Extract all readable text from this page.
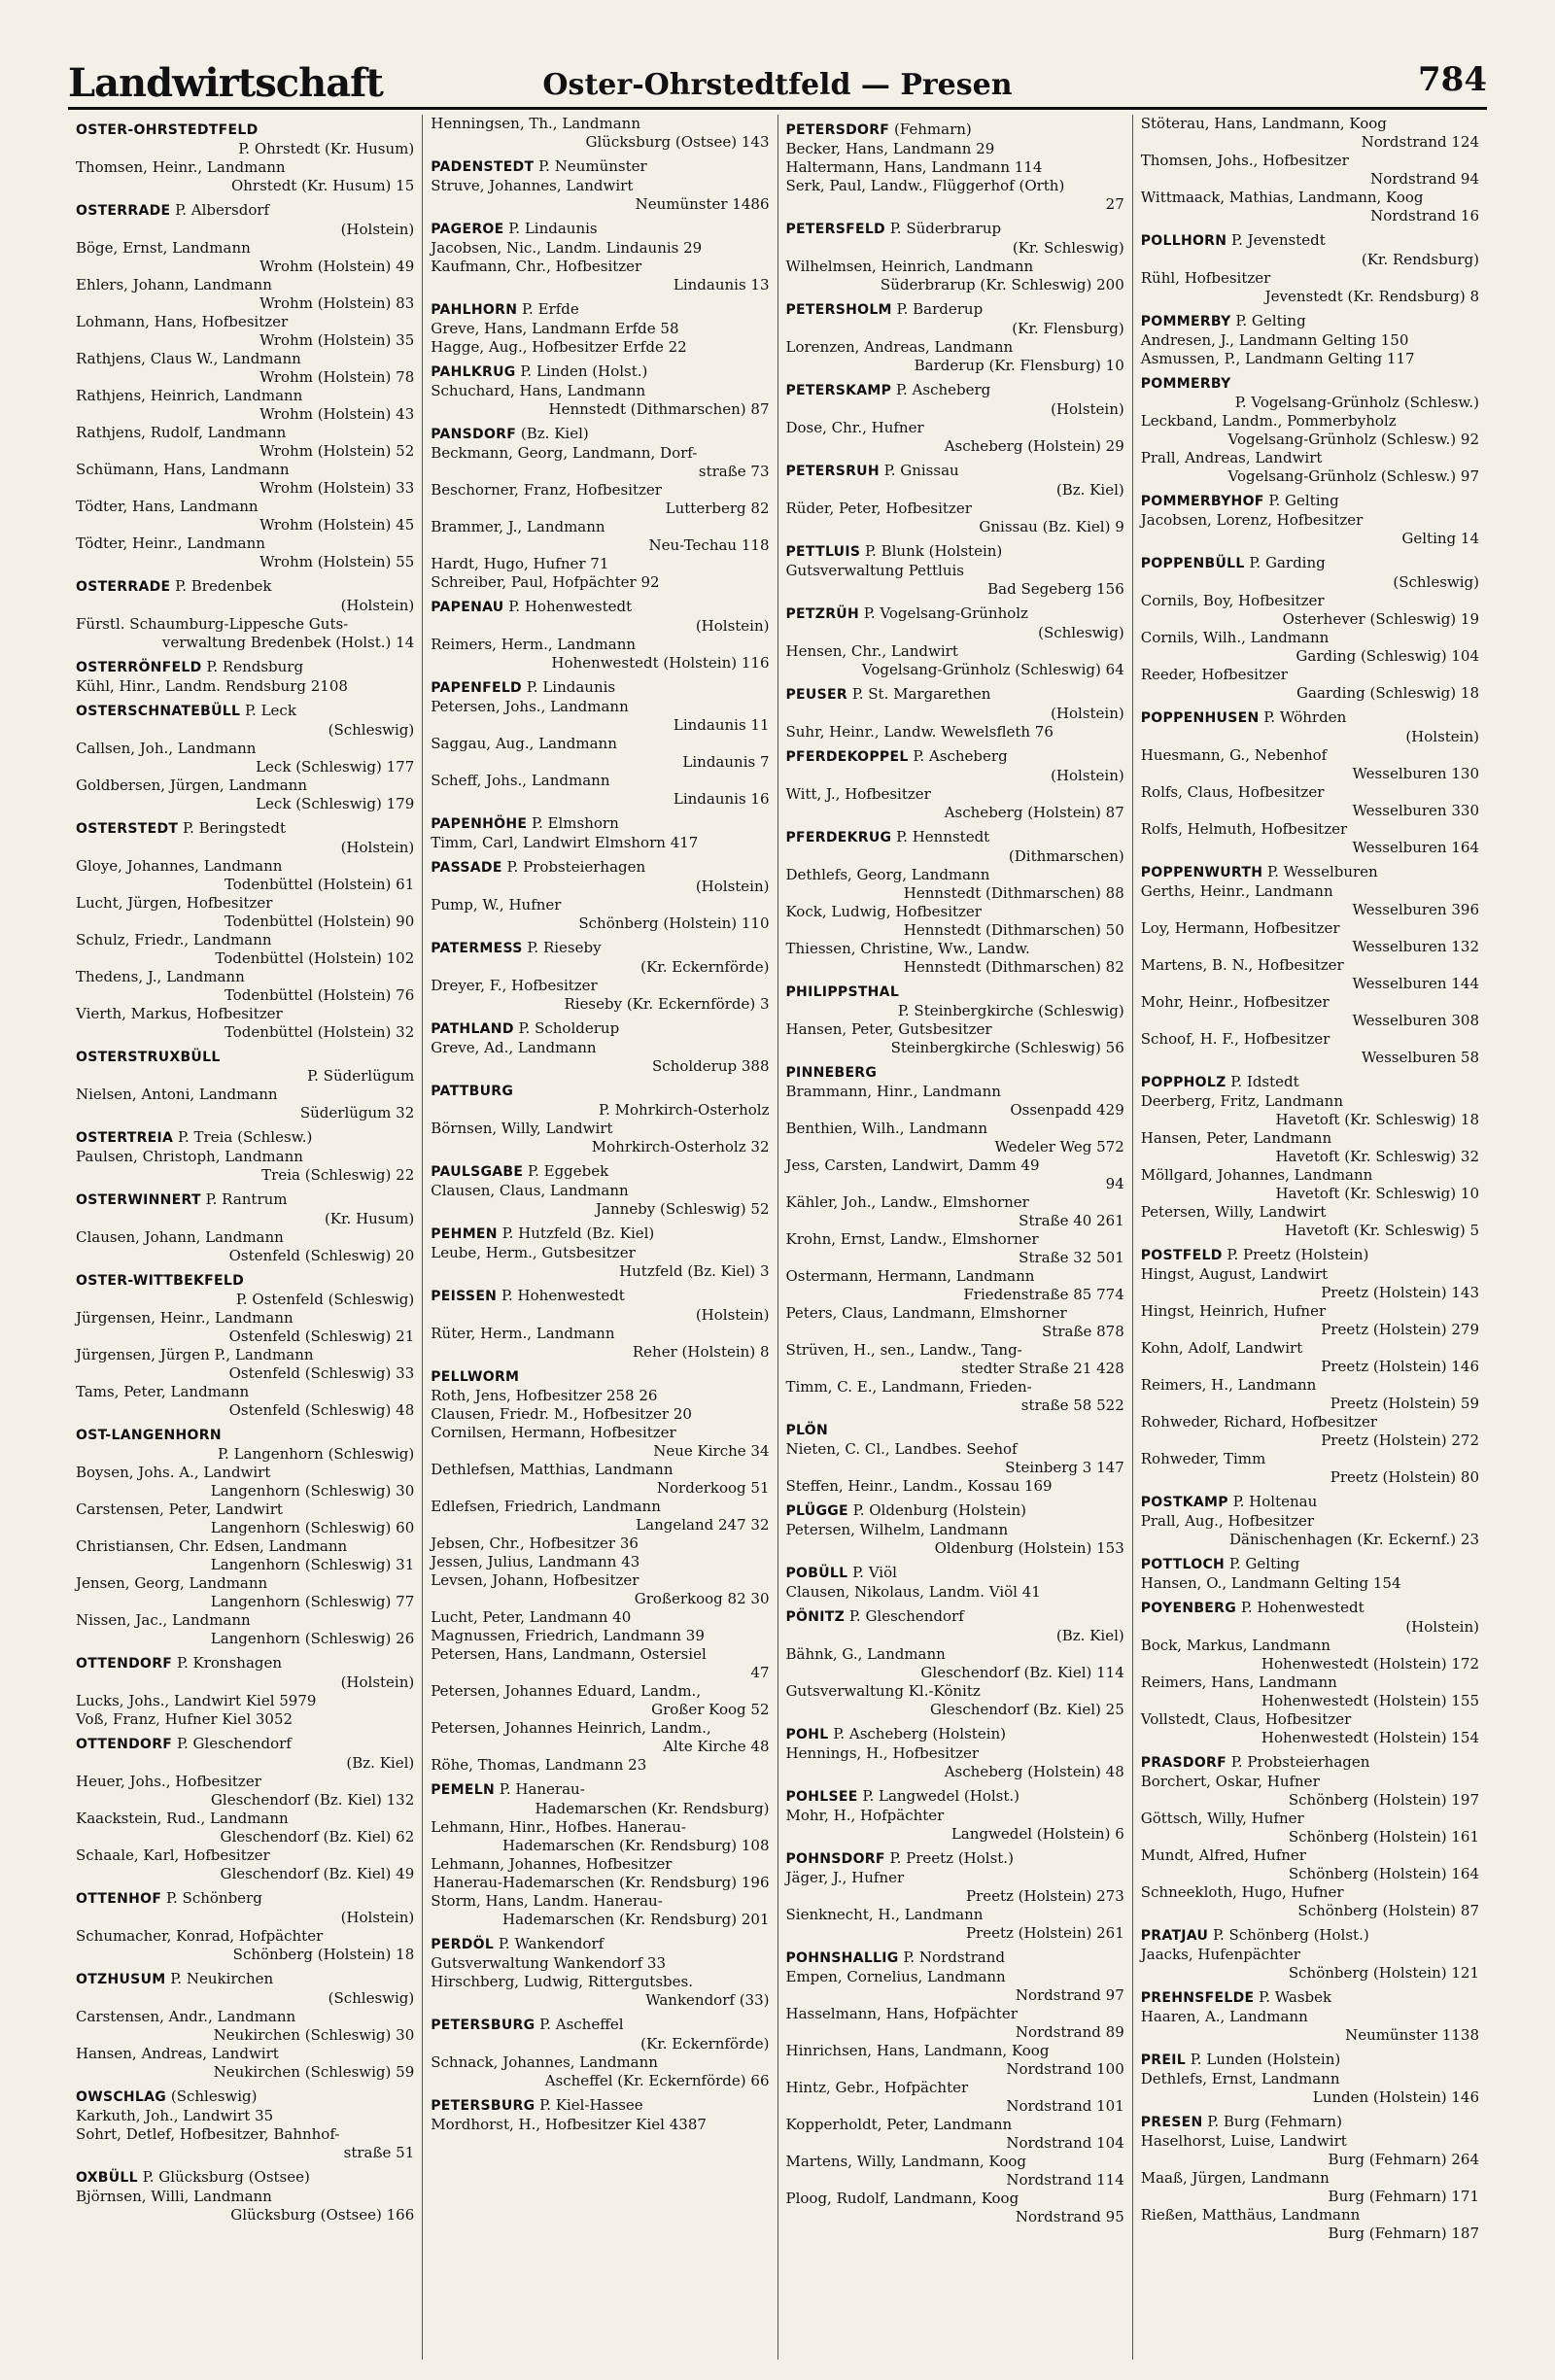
Landwirtschaft	Oster-Ohrstedtfeld — Presen	784
OSTER-OHRSTEDTFELD
P. Ohrstedt (Kr. Husum)
Thomsen, Heinr., Landmann
Ohrstedt (Kr. Husum) 15
OSTERRADE P. Albersdorf
(Holstein)
Böge, Ernst, Landmann
Wrohm (Holstein) 49
Ehlers, Johann, Landmann
Wrohm (Holstein) 83
Lohmann, Hans, Hofbesitzer
Wrohm (Holstein) 35
Rathjens, Claus W., Landmann
Wrohm (Holstein) 78
Rathjens, Heinrich, Landmann
Wrohm (Holstein) 43
Rathjens, Rudolf, Landmann
Wrohm (Holstein) 52
Schümann, Hans, Landmann
Wrohm (Holstein) 33
Tödter, Hans, Landmann
Wrohm (Holstein) 45
Tödter, Heinr., Landmann
Wrohm (Holstein) 55
OSTERRADE P. Bredenbek
(Holstein)
Fürstl. Schaumburg-Lippesche Guts-
verwaltung Bredenbek (Holst.) 14
OSTERRÖNFELD P. Rendsburg
Kühl, Hinr., Landm. Rendsburg 2108
OSTERSCHNATEBÜLL P. Leck
(Schleswig)
Callsen, Joh., Landmann
Leck (Schleswig) 177
Goldbersen, Jürgen, Landmann
Leck (Schleswig) 179
OSTERSTEDT P. Beringstedt
(Holstein)
Gloye, Johannes, Landmann
Todenbüttel (Holstein) 61
Lucht, Jürgen, Hofbesitzer
Todenbüttel (Holstein) 90
Schulz, Friedr., Landmann
Todenbüttel (Holstein) 102
Thedens, J., Landmann
Todenbüttel (Holstein) 76
Vierth, Markus, Hofbesitzer
Todenbüttel (Holstein) 32
OSTERSTRUXBÜLL
P. Süderlügum
Nielsen, Antoni, Landmann
Süderlügum 32
OSTERTREIA P. Treia (Schlesw.)
Paulsen, Christoph, Landmann
Treia (Schleswig) 22
OSTERWINNERT P. Rantrum
(Kr. Husum)
Clausen, Johann, Landmann
Ostenfeld (Schleswig) 20
OSTER-WITTBEKFELD
P. Ostenfeld (Schleswig)
Jürgensen, Heinr., Landmann
Ostenfeld (Schleswig) 21
Jürgensen, Jürgen P., Landmann
Ostenfeld (Schleswig) 33
Tams, Peter, Landmann
Ostenfeld (Schleswig) 48
OST-LANGENHORN
P. Langenhorn (Schleswig)
Boysen, Johs. A., Landwirt
Langenhorn (Schleswig) 30
Carstensen, Peter, Landwirt
Langenhorn (Schleswig) 60
Christiansen, Chr. Edsen, Landmann
Langenhorn (Schleswig) 31
Jensen, Georg, Landmann
Langenhorn (Schleswig) 77
Nissen, Jac., Landmann
Langenhorn (Schleswig) 26
OTTENDORF P. Kronshagen
(Holstein)
Lucks, Johs., Landwirt Kiel 5979
Voß, Franz, Hufner Kiel 3052
OTTENDORF P. Gleschendorf
(Bz. Kiel)
Heuer, Johs., Hofbesitzer
Gleschendorf (Bz. Kiel) 132
Kaackstein, Rud., Landmann
Gleschendorf (Bz. Kiel) 62
Schaale, Karl, Hofbesitzer
Gleschendorf (Bz. Kiel) 49
OTTENHOF P. Schönberg
(Holstein)
Schumacher, Konrad, Hofpächter
Schönberg (Holstein) 18
OTZHUSUM P. Neukirchen
(Schleswig)
Carstensen, Andr., Landmann
Neukirchen (Schleswig) 30
Hansen, Andreas, Landwirt
Neukirchen (Schleswig) 59
OWSCHLAG (Schleswig)
Karkuth, Joh., Landwirt 35
Sohrt, Detlef, Hofbesitzer, Bahnhof-
straße 51
OXBÜLL P. Glücksburg (Ostsee)
Björnsen, Willi, Landmann
Glücksburg (Ostsee) 166
Henningsen, Th., Landmann
Glücksburg (Ostsee) 143
PADENSTEDT P. Neumünster
Struve, Johannes, Landwirt
Neumünster 1486
PAGEROE P. Lindaunis
Jacobsen, Nic., Landm. Lindaunis 29
Kaufmann, Chr., Hofbesitzer
Lindaunis 13
PAHLHORN P. Erfde
Greve, Hans, Landmann Erfde 58
Hagge, Aug., Hofbesitzer Erfde 22
PAHLKRUG P. Linden (Holst.)
Schuchard, Hans, Landmann
Hennstedt (Dithmarschen) 87
PANSDORF (Bz. Kiel)
Beckmann, Georg, Landmann, Dorf-
straße 73
Beschorner, Franz, Hofbesitzer
Lutterberg 82
Brammer, J., Landmann
Neu-Techau 118
Hardt, Hugo, Hufner 71
Schreiber, Paul, Hofpächter 92
PAPENAU P. Hohenwestedt
(Holstein)
Reimers, Herm., Landmann
Hohenwestedt (Holstein) 116
PAPENFELD P. Lindaunis
Petersen, Johs., Landmann
Lindaunis 11
Saggau, Aug., Landmann
Lindaunis 7
Scheff, Johs., Landmann
Lindaunis 16
PAPENHÖHE P. Elmshorn
Timm, Carl, Landwirt Elmshorn 417
PASSADE P. Probsteierhagen
(Holstein)
Pump, W., Hufner
Schönberg (Holstein) 110
PATERMESS P. Rieseby
(Kr. Eckernförde)
Dreyer, F., Hofbesitzer
Rieseby (Kr. Eckernförde) 3
PATHLAND P. Scholderup
Greve, Ad., Landmann
Scholderup 388
PATTBURG
P. Mohrkirch-Osterholz
Börnsen, Willy, Landwirt
Mohrkirch-Osterholz 32
PAULSGABE P. Eggebek
Clausen, Claus, Landmann
Janneby (Schleswig) 52
PEHMEN P. Hutzfeld (Bz. Kiel)
Leube, Herm., Gutsbesitzer
Hutzfeld (Bz. Kiel) 3
PEISSEN P. Hohenwestedt
(Holstein)
Rüter, Herm., Landmann
Reher (Holstein) 8
PELLWORM
Roth, Jens, Hofbesitzer 258 26
Clausen, Friedr. M., Hofbesitzer 20
Cornilsen, Hermann, Hofbesitzer
Neue Kirche 34
Dethlefsen, Matthias, Landmann
Norderkoog 51
Edlefsen, Friedrich, Landmann
Langeland 247 32
Jebsen, Chr., Hofbesitzer 36
Jessen, Julius, Landmann 43
Levsen, Johann, Hofbesitzer
Großerkoog 82 30
Lucht, Peter, Landmann 40
Magnussen, Friedrich, Landmann 39
Petersen, Hans, Landmann, Ostersiel
47
Petersen, Johannes Eduard, Landm.,
Großer Koog 52
Petersen, Johannes Heinrich, Landm.,
Alte Kirche 48
Röhe, Thomas, Landmann 23
PEMELN P. Hanerau-
Hademarschen (Kr. Rendsburg)
Lehmann, Hinr., Hofbes. Hanerau-
Hademarschen (Kr. Rendsburg) 108
Lehmann, Johannes, Hofbesitzer
Hanerau-Hademarschen (Kr. Rendsburg) 196
Storm, Hans, Landm. Hanerau-
Hademarschen (Kr. Rendsburg) 201
PERDÖL P. Wankendorf
Gutsverwaltung Wankendorf 33
Hirschberg, Ludwig, Rittergutsbes.
Wankendorf (33)
PETERSBURG P. Ascheffel
(Kr. Eckernförde)
Schnack, Johannes, Landmann
Ascheffel (Kr. Eckernförde) 66
PETERSBURG P. Kiel-Hassee
Mordhorst, H., Hofbesitzer Kiel 4387
PETERSDORF (Fehmarn)
Becker, Hans, Landmann 29
Haltermann, Hans, Landmann 114
Serk, Paul, Landw., Flüggerhof (Orth)
27
PETERSFELD P. Süderbrarup
(Kr. Schleswig)
Wilhelmsen, Heinrich, Landmann
Süderbrarup (Kr. Schleswig) 200
PETERSHOLM P. Barderup
(Kr. Flensburg)
Lorenzen, Andreas, Landmann
Barderup (Kr. Flensburg) 10
PETERSKAMP P. Ascheberg
(Holstein)
Dose, Chr., Hufner
Ascheberg (Holstein) 29
PETERSRUH P. Gnissau
(Bz. Kiel)
Rüder, Peter, Hofbesitzer
Gnissau (Bz. Kiel) 9
PETTLUIS P. Blunk (Holstein)
Gutsverwaltung Pettluis
Bad Segeberg 156
PETZRÜH P. Vogelsang-Grünholz
(Schleswig)
Hensen, Chr., Landwirt
Vogelsang-Grünholz (Schleswig) 64
PEUSER P. St. Margarethen
(Holstein)
Suhr, Heinr., Landw. Wewelsfleth 76
PFERDEKOPPEL P. Ascheberg
(Holstein)
Witt, J., Hofbesitzer
Ascheberg (Holstein) 87
PFERDEKRUG P. Hennstedt
(Dithmarschen)
Dethlefs, Georg, Landmann
Hennstedt (Dithmarschen) 88
Kock, Ludwig, Hofbesitzer
Hennstedt (Dithmarschen) 50
Thiessen, Christine, Ww., Landw.
Hennstedt (Dithmarschen) 82
PHILIPPSTHAL
P. Steinbergkirche (Schleswig)
Hansen, Peter, Gutsbesitzer
Steinbergkirche (Schleswig) 56
PINNEBERG
Brammann, Hinr., Landmann
Ossenpadd 429
Benthien, Wilh., Landmann
Wedeler Weg 572
Jess, Carsten, Landwirt, Damm 49
94
Kähler, Joh., Landw., Elmshorner
Straße 40 261
Krohn, Ernst, Landw., Elmshorner
Straße 32 501
Ostermann, Hermann, Landmann
Friedenstraße 85 774
Peters, Claus, Landmann, Elmshorner
Straße 878
Strüven, H., sen., Landw., Tang-
stedter Straße 21 428
Timm, C. E., Landmann, Frieden-
straße 58 522
PLÖN
Nieten, C. Cl., Landbes. Seehof
Steinberg 3 147
Steffen, Heinr., Landm., Kossau 169
PLÜGGE P. Oldenburg (Holstein)
Petersen, Wilhelm, Landmann
Oldenburg (Holstein) 153
POBÜLL P. Viöl
Clausen, Nikolaus, Landm. Viöl 41
PÖNITZ P. Gleschendorf
(Bz. Kiel)
Bähnk, G., Landmann
Gleschendorf (Bz. Kiel) 114
Gutsverwaltung Kl.-Könitz
Gleschendorf (Bz. Kiel) 25
POHL P. Ascheberg (Holstein)
Hennings, H., Hofbesitzer
Ascheberg (Holstein) 48
POHLSEE P. Langwedel (Holst.)
Mohr, H., Hofpächter
Langwedel (Holstein) 6
POHNSDORF P. Preetz (Holst.)
Jäger, J., Hufner
Preetz (Holstein) 273
Sienknecht, H., Landmann
Preetz (Holstein) 261
POHNSHALLIG P. Nordstrand
Empen, Cornelius, Landmann
Nordstrand 97
Hasselmann, Hans, Hofpächter
Nordstrand 89
Hinrichsen, Hans, Landmann, Koog
Nordstrand 100
Hintz, Gebr., Hofpächter
Nordstrand 101
Kopperholdt, Peter, Landmann
Nordstrand 104
Martens, Willy, Landmann, Koog
Nordstrand 114
Ploog, Rudolf, Landmann, Koog
Nordstrand 95
Stöterau, Hans, Landmann, Koog
Nordstrand 124
Thomsen, Johs., Hofbesitzer
Nordstrand 94
Wittmaack, Mathias, Landmann, Koog
Nordstrand 16
POLLHORN P. Jevenstedt
(Kr. Rendsburg)
Rühl, Hofbesitzer
Jevenstedt (Kr. Rendsburg) 8
POMMERBY P. Gelting
Andresen, J., Landmann Gelting 150
Asmussen, P., Landmann Gelting 117
POMMERBY
P. Vogelsang-Grünholz (Schlesw.)
Leckband, Landm., Pommerbyholz
Vogelsang-Grünholz (Schlesw.) 92
Prall, Andreas, Landwirt
Vogelsang-Grünholz (Schlesw.) 97
POMMERBYHOF P. Gelting
Jacobsen, Lorenz, Hofbesitzer
Gelting 14
POPPENBÜLL P. Garding
(Schleswig)
Cornils, Boy, Hofbesitzer
Osterhever (Schleswig) 19
Cornils, Wilh., Landmann
Garding (Schleswig) 104
Reeder, Hofbesitzer
Gaarding (Schleswig) 18
POPPENHUSEN P. Wöhrden
(Holstein)
Huesmann, G., Nebenhof
Wesselburen 130
Rolfs, Claus, Hofbesitzer
Wesselburen 330
Rolfs, Helmuth, Hofbesitzer
Wesselburen 164
POPPENWURTH P. Wesselburen
Gerths, Heinr., Landmann
Wesselburen 396
Loy, Hermann, Hofbesitzer
Wesselburen 132
Martens, B. N., Hofbesitzer
Wesselburen 144
Mohr, Heinr., Hofbesitzer
Wesselburen 308
Schoof, H. F., Hofbesitzer
Wesselburen 58
POPPHOLZ P. Idstedt
Deerberg, Fritz, Landmann
Havetoft (Kr. Schleswig) 18
Hansen, Peter, Landmann
Havetoft (Kr. Schleswig) 32
Möllgard, Johannes, Landmann
Havetoft (Kr. Schleswig) 10
Petersen, Willy, Landwirt
Havetoft (Kr. Schleswig) 5
POSTFELD P. Preetz (Holstein)
Hingst, August, Landwirt
Preetz (Holstein) 143
Hingst, Heinrich, Hufner
Preetz (Holstein) 279
Kohn, Adolf, Landwirt
Preetz (Holstein) 146
Reimers, H., Landmann
Preetz (Holstein) 59
Rohweder, Richard, Hofbesitzer
Preetz (Holstein) 272
Rohweder, Timm
Preetz (Holstein) 80
POSTKAMP P. Holtenau
Prall, Aug., Hofbesitzer
Dänischenhagen (Kr. Eckernf.) 23
POTTLOCH P. Gelting
Hansen, O., Landmann Gelting 154
POYENBERG P. Hohenwestedt
(Holstein)
Bock, Markus, Landmann
Hohenwestedt (Holstein) 172
Reimers, Hans, Landmann
Hohenwestedt (Holstein) 155
Vollstedt, Claus, Hofbesitzer
Hohenwestedt (Holstein) 154
PRASDORF P. Probsteierhagen
Borchert, Oskar, Hufner
Schönberg (Holstein) 197
Göttsch, Willy, Hufner
Schönberg (Holstein) 161
Mundt, Alfred, Hufner
Schönberg (Holstein) 164
Schneekloth, Hugo, Hufner
Schönberg (Holstein) 87
PRATJAU P. Schönberg (Holst.)
Jaacks, Hufenpächter
Schönberg (Holstein) 121
PREHNSFELDE P. Wasbek
Haaren, A., Landmann
Neumünster 1138
PREIL P. Lunden (Holstein)
Dethlefs, Ernst, Landmann
Lunden (Holstein) 146
PRESEN P. Burg (Fehmarn)
Haselhorst, Luise, Landwirt
Burg (Fehmarn) 264
Maaß, Jürgen, Landmann
Burg (Fehmarn) 171
Rießen, Matthäus, Landmann
Burg (Fehmarn) 187
